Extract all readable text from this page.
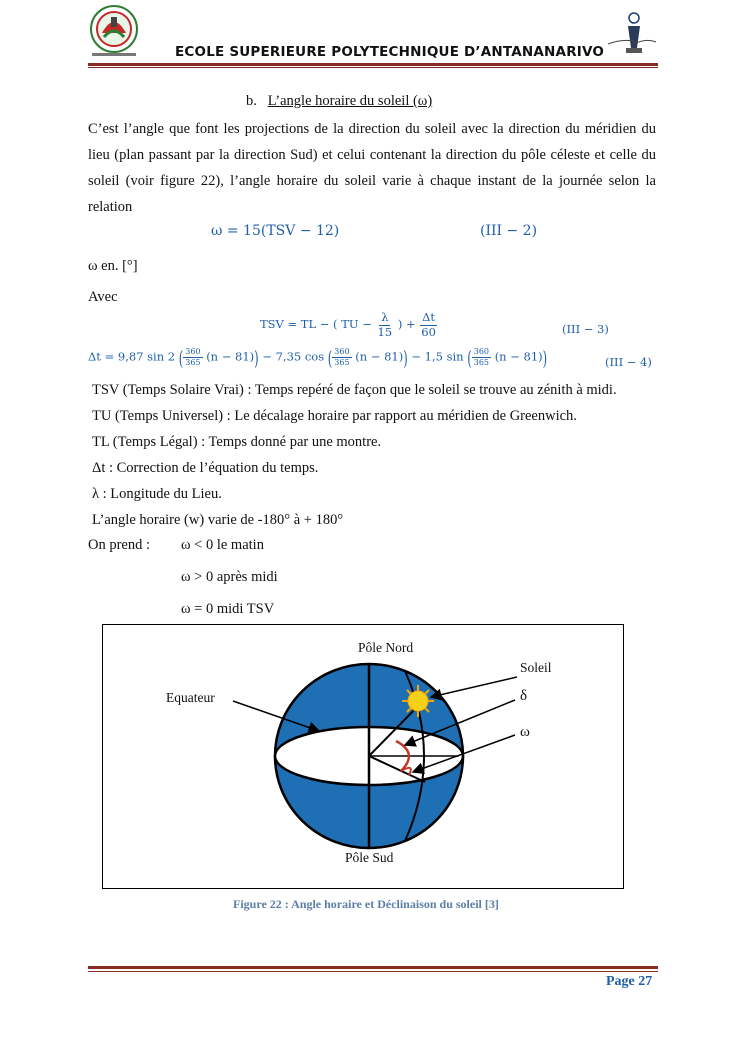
ECOLE SUPERIEURE POLYTECHNIQUE D’ANTANANARIVO
b. L’angle horaire du soleil (ω)
C’est l’angle que font les projections de la direction du soleil avec la direction du méridien du lieu (plan passant par la direction Sud) et celui contenant la direction du pôle céleste et celle du soleil (voir figure 22), l’angle horaire du soleil varie à chaque instant de la journée selon la relation
ω = 15(TSV − 12)	(III − 2)
ω en. [°]
Avec
TSV = TL − ( TU − $\frac{\lambda}{15}$ ) + $\frac{\Delta t}{60}$	(III − 3)
Δt = 9,87 sin 2 ( $\frac{360}{365} (n - 81)) - 7,35$ cos ( $\frac{360}{365} (n - 81)) - 1,5$ sin ( $\frac{360}{365} (n - 81)$)	(III − 4)
TSV (Temps Solaire Vrai) : Temps repéré de façon que le soleil se trouve au zénith à midi.
TU (Temps Universel) : Le décalage horaire par rapport au méridien de Greenwich.
TL (Temps Légal) : Temps donné par une montre.
Δt : Correction de l’équation du temps.
λ : Longitude du Lieu.
L’angle horaire (w) varie de -180° à + 180°
On prend : ω < 0 le matin
ω > 0 après midi
ω = 0 midi TSV
Pôle Nord
Soleil
Equateur	δ
ω
Pôle Sud
Figure 22 : Angle horaire et Déclinaison du soleil [3]
Page 27
